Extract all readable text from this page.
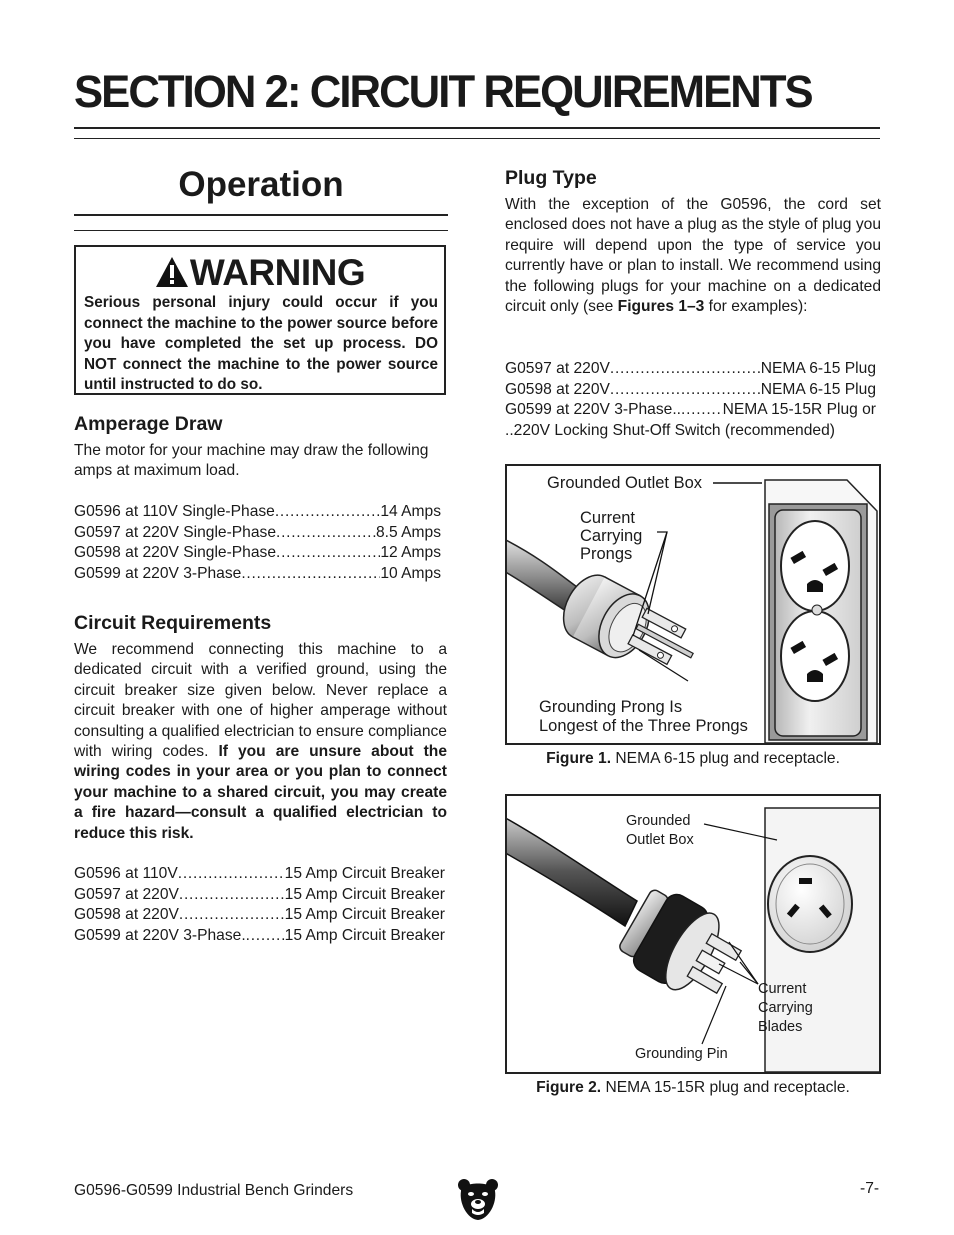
SECTION 2: CIRCUIT REQUIREMENTS
Operation
WARNING
Serious personal injury could occur if you connect the machine to the power source before you have completed the set up process. DO NOT connect the machine to the power source until instructed to do so.
Amperage Draw
The motor for your machine may draw the following amps at maximum load.
G0596 at 110V Single-Phase . . .	14 Amps
G0597 at 220V Single-Phase . . .	8.5 Amps
G0598 at 220V Single-Phase . . .	12 Amps
G0599 at 220V 3-Phase . . .	10 Amps
Circuit Requirements
We recommend connecting this machine to a dedicated circuit with a verified ground, using the circuit breaker size given below. Never replace a circuit breaker with one of higher amperage without consulting a qualified electrician to ensure compliance with wiring codes. If you are unsure about the wiring codes in your area or you plan to connect your machine to a shared circuit, you may create a fire hazard—consult a qualified electrician to reduce this risk.
G0596 at 110V . . .	15 Amp Circuit Breaker
G0597 at 220V . . .	15 Amp Circuit Breaker
G0598 at 220V . . .	15 Amp Circuit Breaker
G0599 at 220V 3-Phase. . . .	15 Amp Circuit Breaker
Plug Type
With the exception of the G0596, the cord set enclosed does not have a plug as the style of plug you require will depend upon the type of service you currently have or plan to install. We recommend using the following plugs for your machine on a dedicated circuit only (see Figures 1–3 for examples):
G0597 at 220V . . .	NEMA 6-15 Plug
G0598 at 220V . . .	NEMA 6-15 Plug
G0599 at 220V 3-Phase.. . . .	NEMA 15-15R Plug or
..220V Locking Shut-Off Switch (recommended)
Grounded Outlet Box
Current
Carrying
Prongs
Grounding Prong Is
Longest of the Three Prongs
Figure 1. NEMA 6-15 plug and receptacle.
Grounded
Outlet Box
Current
Carrying
Blades
Grounding Pin
Figure 2. NEMA 15-15R plug and receptacle.
G0596-G0599 Industrial Bench Grinders	-7-
